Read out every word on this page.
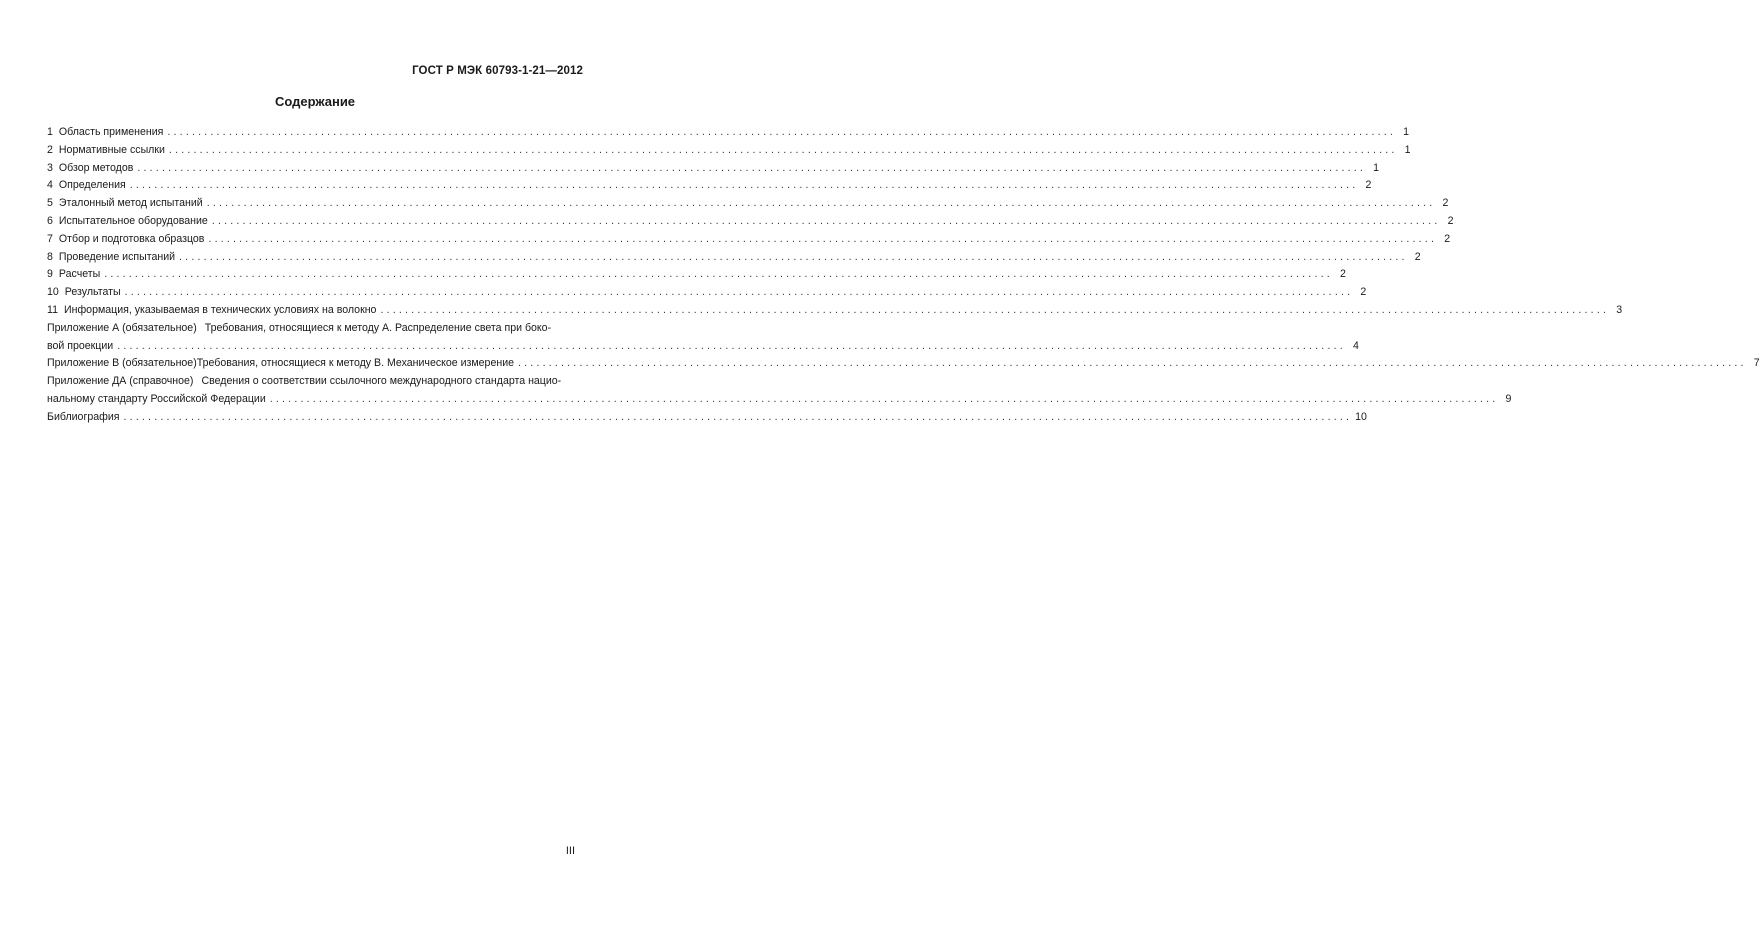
ГОСТ Р МЭК 60793-1-21—2012
Содержание
1 Область применения ........................................................................................................................................................................................................ 1
2 Нормативные ссылки ........................................................................................................................................................................................................ 1
3 Обзор методов ........................................................................................................................................................................................................ 1
4 Определения ........................................................................................................................................................................................................ 2
5 Эталонный метод испытаний ........................................................................................................................................................................................................ 2
6 Испытательное оборудование ........................................................................................................................................................................................................ 2
7 Отбор и подготовка образцов ........................................................................................................................................................................................................ 2
8 Проведение испытаний ........................................................................................................................................................................................................ 2
9 Расчеты ........................................................................................................................................................................................................ 2
10 Результаты ........................................................................................................................................................................................................ 2
11 Информация, указываемая в технических условиях на волокно ........................................................................................................................................................................................................ 3
Приложение А (обязательное) Требования, относящиеся к методу А. Распределение света при боко-
вой проекции ........................................................................................................................................................................................................ 4
Приложение В (обязательное) Требования, относящиеся к методу В. Механическое измерение ........................................................................................................................................................................................................ 7
Приложение ДА (справочное) Сведения о соответствии ссылочного международного стандарта нацио-
нальному стандарту Российской Федерации ........................................................................................................................................................................................................ 9
Библиография ........................................................................................................................................................................................................ 10
III
